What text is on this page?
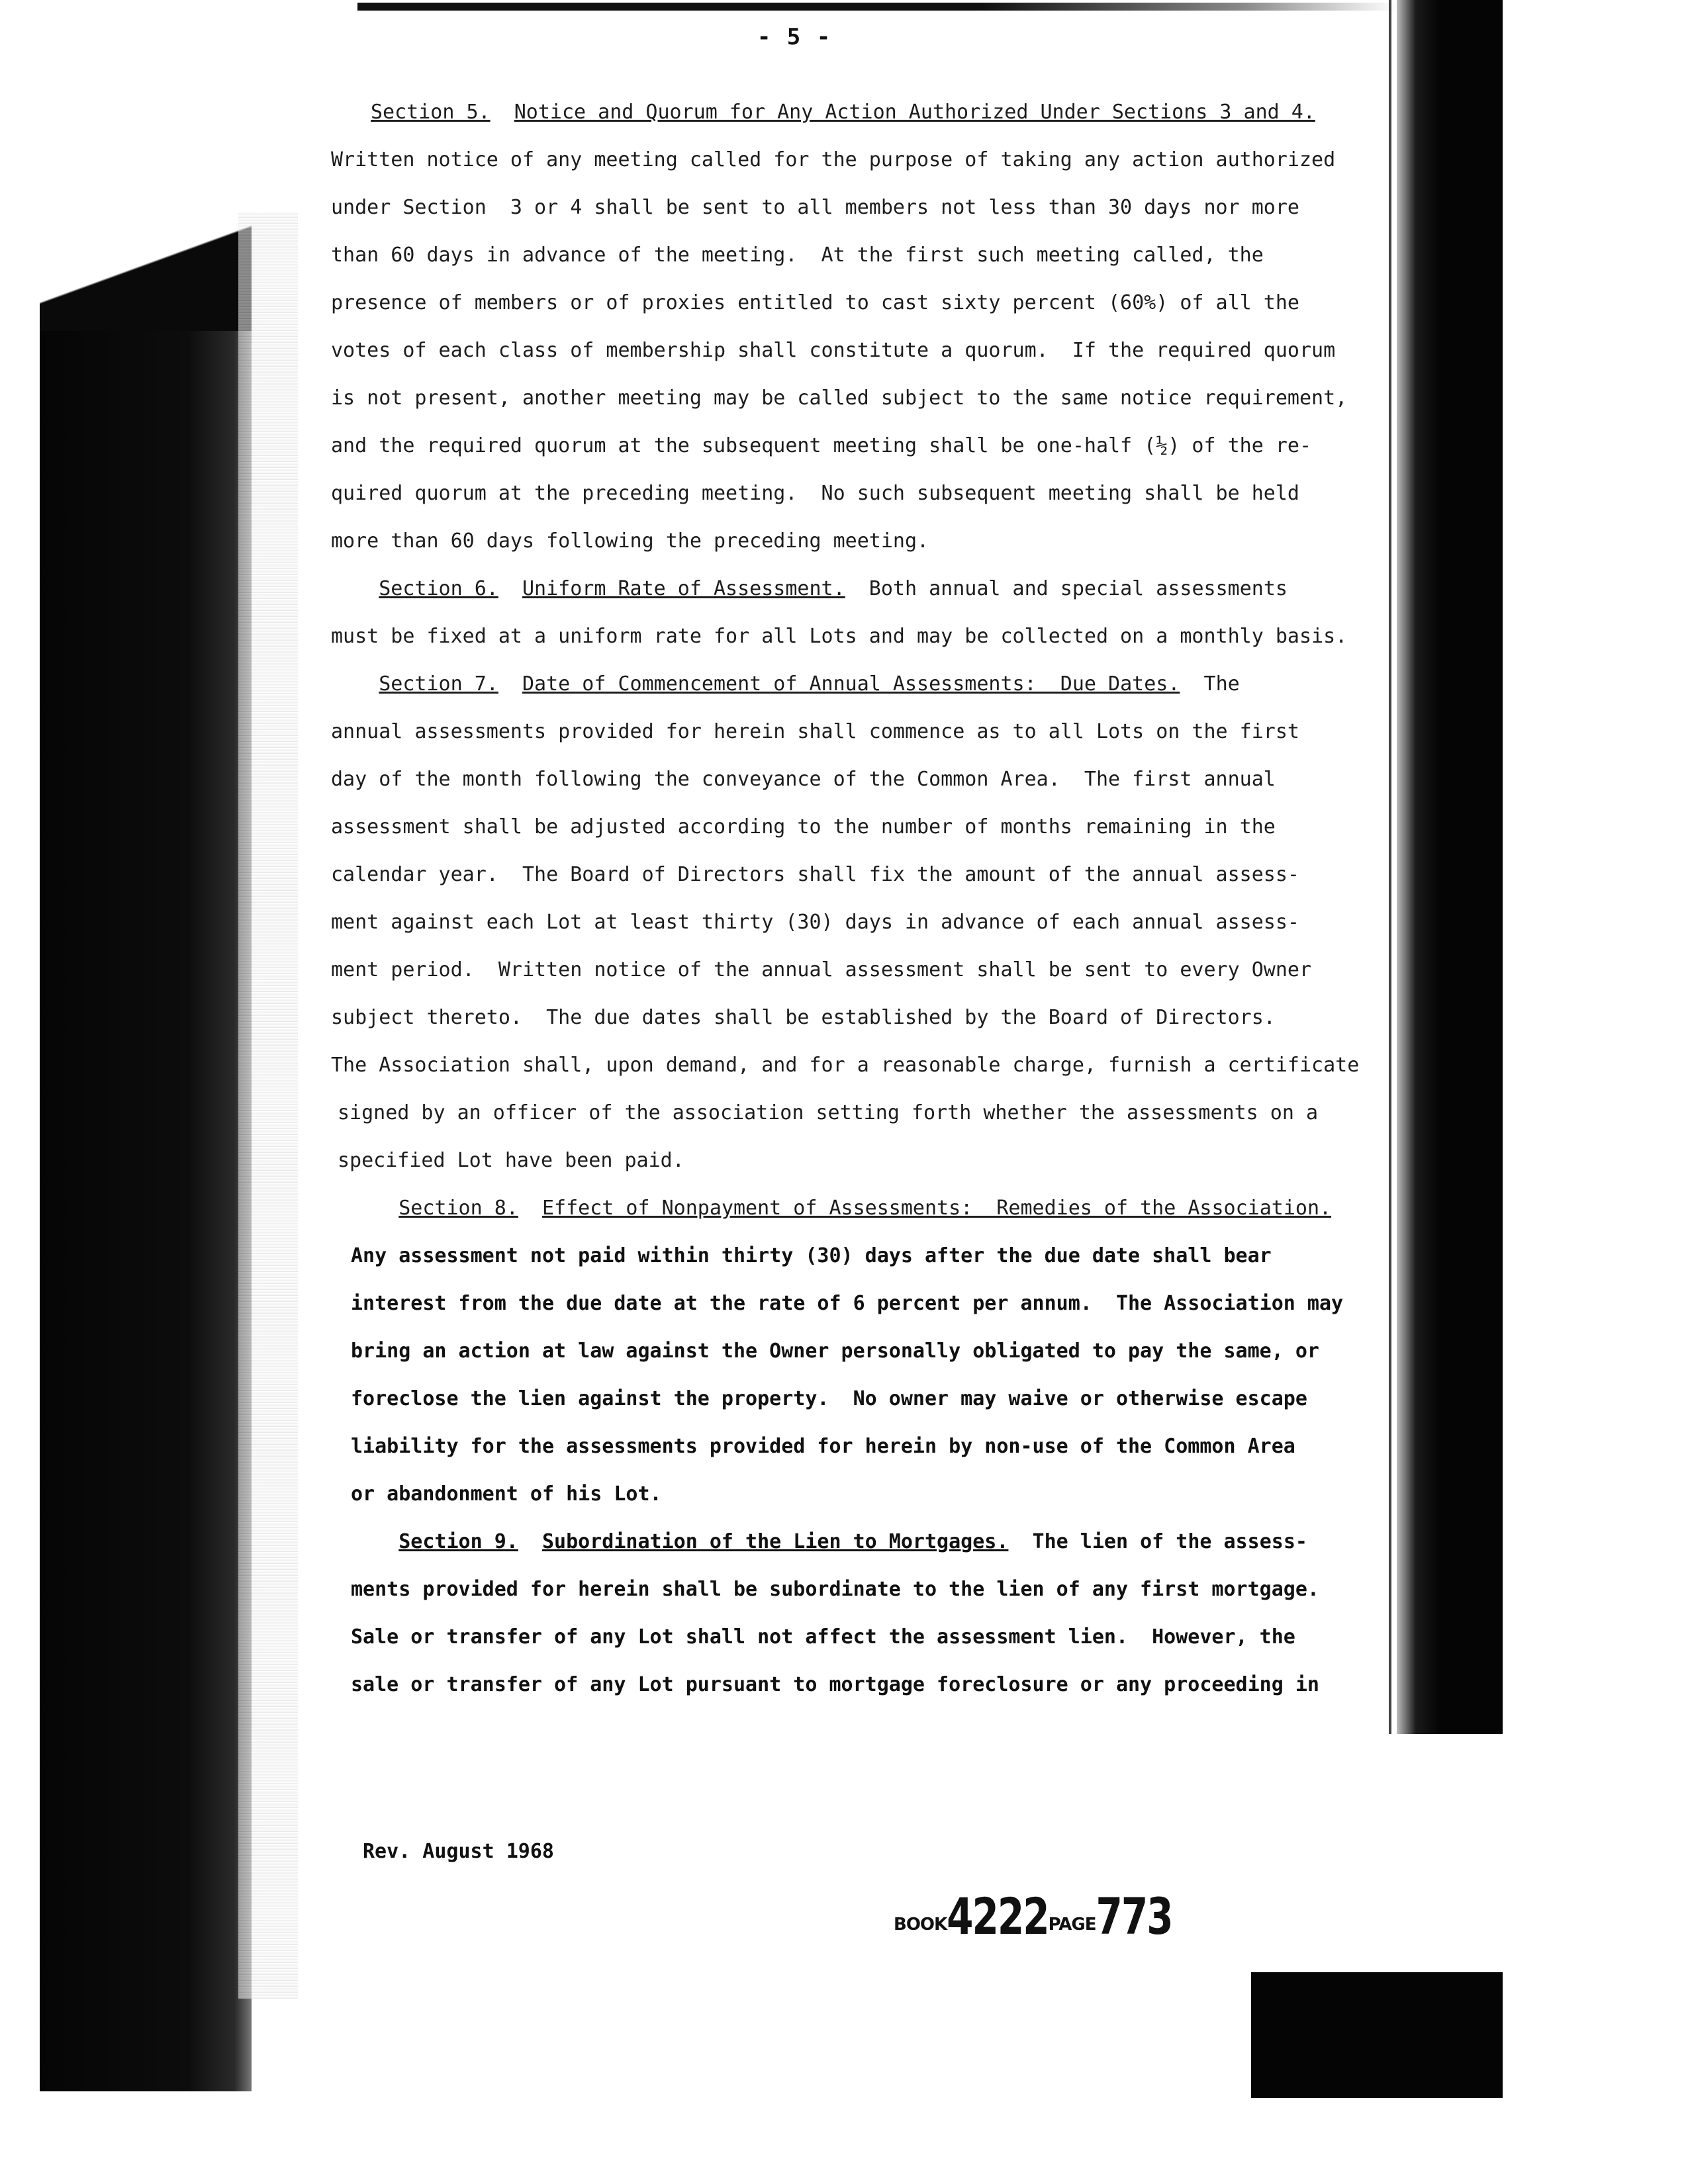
- 5 -
Section 5. Notice and Quorum for Any Action Authorized Under Sections 3 and 4.
Written notice of any meeting called for the purpose of taking any action authorized
under Section  3 or 4 shall be sent to all members not less than 30 days nor more
than 60 days in advance of the meeting.  At the first such meeting called, the
presence of members or of proxies entitled to cast sixty percent (60%) of all the
votes of each class of membership shall constitute a quorum.  If the required quorum
is not present, another meeting may be called subject to the same notice requirement,
and the required quorum at the subsequent meeting shall be one-half (½) of the re-
quired quorum at the preceding meeting.  No such subsequent meeting shall be held
more than 60 days following the preceding meeting.
Section 6. Uniform Rate of Assessment.  Both annual and special assessments
must be fixed at a uniform rate for all Lots and may be collected on a monthly basis.
Section 7. Date of Commencement of Annual Assessments:  Due Dates.  The
annual assessments provided for herein shall commence as to all Lots on the first
day of the month following the conveyance of the Common Area.  The first annual
assessment shall be adjusted according to the number of months remaining in the
calendar year.  The Board of Directors shall fix the amount of the annual assess-
ment against each Lot at least thirty (30) days in advance of each annual assess-
ment period.  Written notice of the annual assessment shall be sent to every Owner
subject thereto.  The due dates shall be established by the Board of Directors.
The Association shall, upon demand, and for a reasonable charge, furnish a certificate
signed by an officer of the association setting forth whether the assessments on a
specified Lot have been paid.
Section 8. Effect of Nonpayment of Assessments:  Remedies of the Association.
Any assessment not paid within thirty (30) days after the due date shall bear
interest from the due date at the rate of 6 percent per annum.  The Association may
bring an action at law against the Owner personally obligated to pay the same, or
foreclose the lien against the property.  No owner may waive or otherwise escape
liability for the assessments provided for herein by non-use of the Common Area
or abandonment of his Lot.
Section 9. Subordination of the Lien to Mortgages.  The lien of the assess-
ments provided for herein shall be subordinate to the lien of any first mortgage.
Sale or transfer of any Lot shall not affect the assessment lien.  However, the
sale or transfer of any Lot pursuant to mortgage foreclosure or any proceeding in
Rev. August 1968
BOOK4222PAGE773
